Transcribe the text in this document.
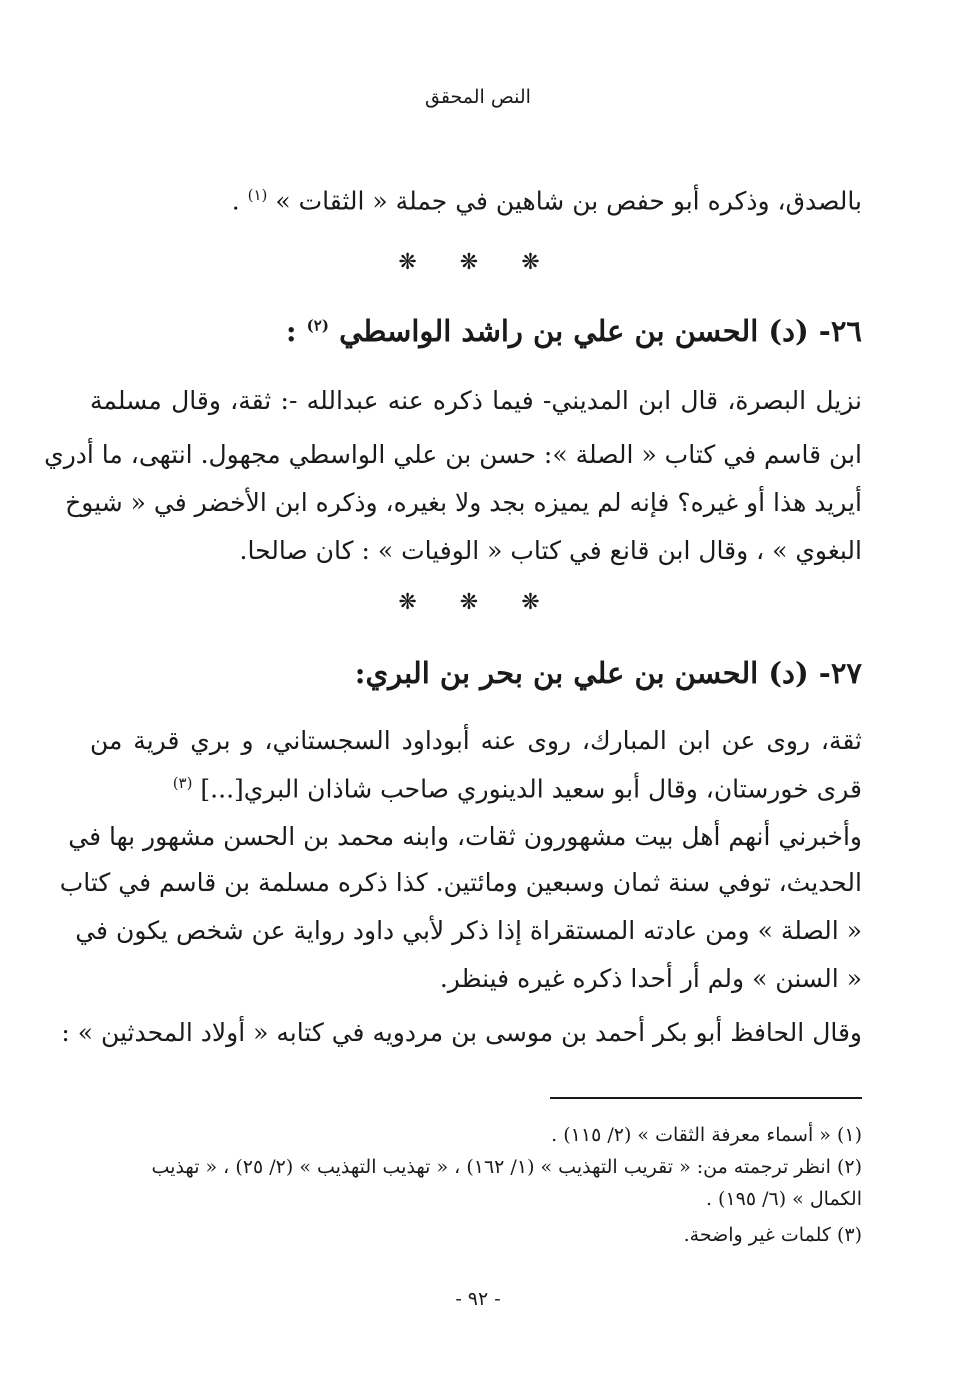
النص المحقق
بالصدق، وذكره أبو حفص بن شاهين في جملة « الثقات » $^{(١)}$ .
❋ ❋ ❋
٢٦- (د) الحسن بن علي بن راشد الواسطي $^{(٢)}$ :
نزيل البصرة، قال ابن المديني- فيما ذكره عنه عبدالله -: ثقة، وقال مسلمة
ابن قاسم في كتاب « الصلة »: حسن بن علي الواسطي مجهول. انتهى، ما أدري
أيريد هذا أو غيره؟ فإنه لم يميزه بجد ولا بغيره، وذكره ابن الأخضر في « شيوخ
البغوي » ، وقال ابن قانع في كتاب « الوفيات » : كان صالحا.
❋ ❋ ❋
٢٧- (د) الحسن بن علي بن بحر بن البري:
ثقة، روى عن ابن المبارك، روى عنه أبوداود السجستاني، و بري قرية من
قرى خورستان، وقال أبو سعيد الدينوري صاحب شاذان البري[...] $^{(٣)}$
وأخبرني أنهم أهل بيت مشهورون ثقات، وابنه محمد بن الحسن مشهور بها في
الحديث، توفي سنة ثمان وسبعين ومائتين. كذا ذكره مسلمة بن قاسم في كتاب
« الصلة » ومن عادته المستقراة إذا ذكر لأبي داود رواية عن شخص يكون في
« السنن » ولم أر أحدا ذكره غيره فينظر.
وقال الحافظ أبو بكر أحمد بن موسى بن مردويه في كتابه « أولاد المحدثين » :
(١) « أسماء معرفة الثقات » (٢/ ١١٥) .
(٢) انظر ترجمته من: « تقريب التهذيب » (١/ ١٦٢) ، « تهذيب التهذيب » (٢/ ٢٥) ، « تهذيب
الكمال » (٦/ ١٩٥) .
(٣) كلمات غير واضحة.
- ٩٢ -
